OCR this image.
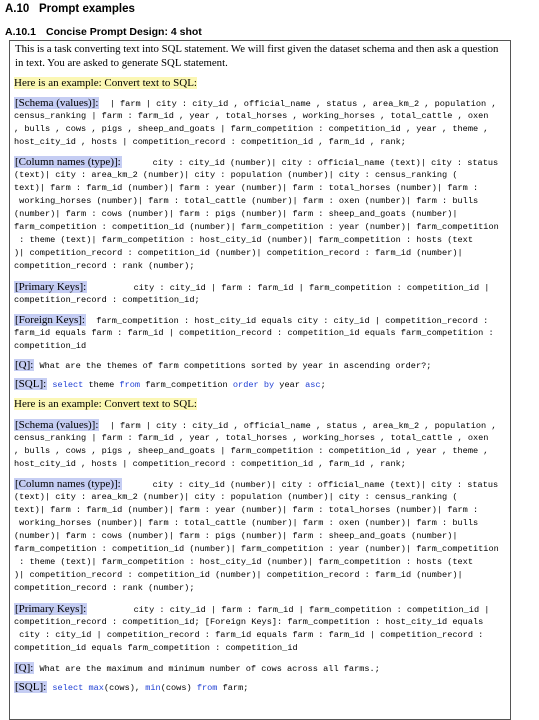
A.10 Prompt examples
A.10.1 Concise Prompt Design: 4 shot
This is a task converting text into SQL statement. We will first given the dataset schema and then ask a question in text. You are asked to generate SQL statement.
Here is an example: Convert text to SQL:
[Schema (values)]:  | farm | city : city_id , official_name , status , area_km_2 , population ,
census_ranking | farm : farm_id , year , total_horses , working_horses , total_cattle , oxen
, bulls , cows , pigs , sheep_and_goats | farm_competition : competition_id , year , theme ,
host_city_id , hosts | competition_record : competition_id , farm_id , rank;
[Column names (type)]:      city : city_id (number)| city : official_name (text)| city : status
(text)| city : area_km_2 (number)| city : population (number)| city : census_ranking (
text)| farm : farm_id (number)| farm : year (number)| farm : total_horses (number)| farm :
working_horses (number)| farm : total_cattle (number)| farm : oxen (number)| farm : bulls
(number)| farm : cows (number)| farm : pigs (number)| farm : sheep_and_goats (number)|
farm_competition : competition_id (number)| farm_competition : year (number)| farm_competition
: theme (text)| farm_competition : host_city_id (number)| farm_competition : hosts (text
)| competition_record : competition_id (number)| competition_record : farm_id (number)|
competition_record : rank (number);
[Primary Keys]:         city : city_id | farm : farm_id | farm_competition : competition_id |
competition_record : competition_id;
[Foreign Keys]:  farm_competition : host_city_id equals city : city_id | competition_record :
farm_id equals farm : farm_id | competition_record : competition_id equals farm_competition :
competition_id
[Q]: What are the themes of farm competitions sorted by year in ascending order?;
[SQL]: select theme from farm_competition order by year asc;
Here is an example: Convert text to SQL:
[Schema (values)]:  | farm | city : city_id , official_name , status , area_km_2 , population ,
census_ranking | farm : farm_id , year , total_horses , working_horses , total_cattle , oxen
, bulls , cows , pigs , sheep_and_goats | farm_competition : competition_id , year , theme ,
host_city_id , hosts | competition_record : competition_id , farm_id , rank;
[Column names (type)]:      city : city_id (number)| city : official_name (text)| city : status
(text)| city : area_km_2 (number)| city : population (number)| city : census_ranking (
text)| farm : farm_id (number)| farm : year (number)| farm : total_horses (number)| farm :
working_horses (number)| farm : total_cattle (number)| farm : oxen (number)| farm : bulls
(number)| farm : cows (number)| farm : pigs (number)| farm : sheep_and_goats (number)|
farm_competition : competition_id (number)| farm_competition : year (number)| farm_competition
: theme (text)| farm_competition : host_city_id (number)| farm_competition : hosts (text
)| competition_record : competition_id (number)| competition_record : farm_id (number)|
competition_record : rank (number);
[Primary Keys]:         city : city_id | farm : farm_id | farm_competition : competition_id |
competition_record : competition_id; [Foreign Keys]: farm_competition : host_city_id equals
city : city_id | competition_record : farm_id equals farm : farm_id | competition_record :
competition_id equals farm_competition : competition_id
[Q]: What are the maximum and minimum number of cows across all farms.;
[SQL]: select max(cows), min(cows) from farm;
